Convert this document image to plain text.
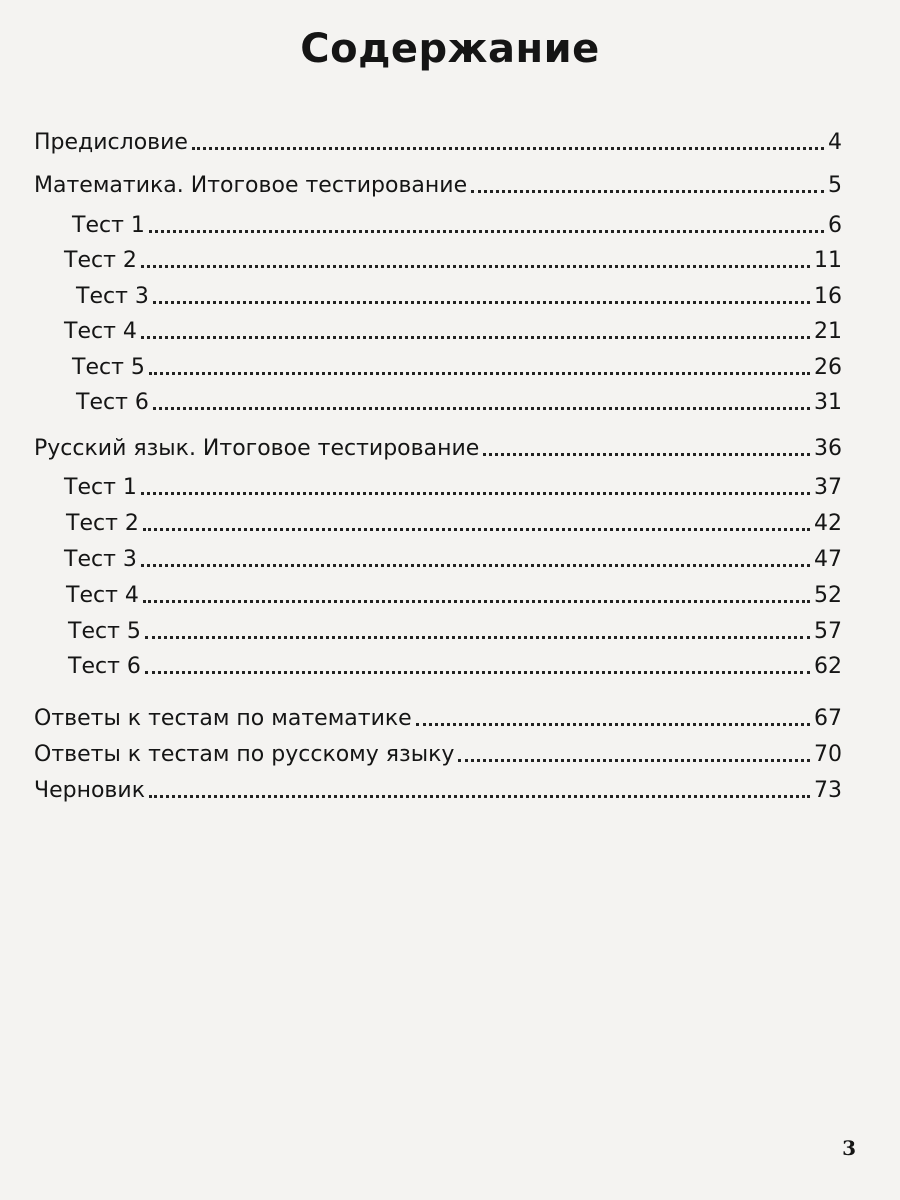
Содержание
Предисловие	4
Математика. Итоговое тестирование	5
Тест 1	6
Тест 2	11
Тест 3	16
Тест 4	21
Тест 5	26
Тест 6	31
Русский язык. Итоговое тестирование	36
Тест 1	37
Тест 2	42
Тест 3	47
Тест 4	52
Тест 5	57
Тест 6	62
Ответы к тестам по математике	67
Ответы к тестам по русскому языку	70
Черновик	73
3
